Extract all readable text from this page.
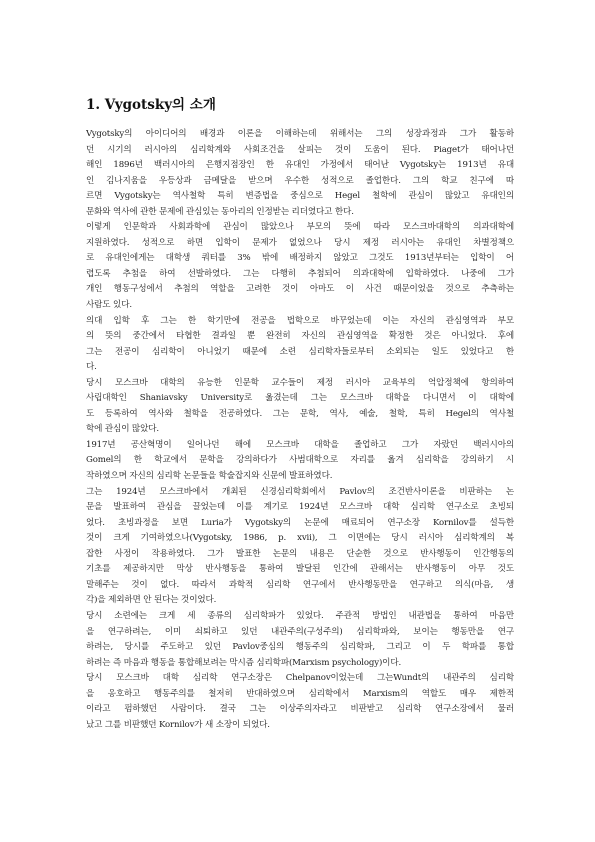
1. Vygotsky의 소개

Vygotsky의 아이디어의 배경과 이론을 이해하는데 위해서는 그의 성장과정과 그가 활동하
던 시기의 러시아의 심리학계와 사회조건을 살피는 것이 도움이 된다. Piaget가 태어나던
해인 1896년 백러시아의 은행지점장인 한 유대인 가정에서 태어난 Vygotsky는 1913년 유대
인 김나지움을 우등상과 금메달을 받으며 우수한 성적으로 졸업한다. 그의 학교 친구에 따
르면 Vygotsky는 역사철학 특히 변증법을 중심으로 Hegel 철학에 관심이 많았고 유대인의
문화와 역사에 관한 문제에 관심있는 동아리의 인정받는 리더였다고 한다.

이렇게 인문학과 사회과학에 관심이 많았으나 부모의 뜻에 따라 모스크바대학의 의과대학에
지원하였다. 성적으로 하면 입학이 문제가 없었으나 당시 제정 러시아는 유대인 차별정책으
로 유대인에게는 대학생 쿼터를 3% 밖에 배정하지 않았고 그것도 1913년부터는 입학이 어
렵도록 추첨을 하여 선발하였다. 그는 다행히 추첨되어 의과대학에 입학하였다. 나중에 그가
개인 행동구성에서 추첨의 역할을 고려한 것이 아마도 이 사건 때문이었을 것으로 추측하는
사람도 있다.

의대 입학 후 그는 한 학기만에 전공을 법학으로 바꾸었는데 이는 자신의 관심영역과 부모
의 뜻의 중간에서 타협한 결과일 뿐 완전히 자신의 관심영역을 확정한 것은 아니었다. 후에
그는 전공이 심리학이 아니었기 때문에 소련 심리학자들로부터 소외되는 일도 있었다고 한
다.

당시 모스크바 대학의 유능한 인문학 교수들이 제정 러시아 교육부의 억압정책에 항의하여
사립대학인 Shaniavsky University로 옮겼는데 그는 모스크바 대학을 다니면서 이 대학에
도 등록하여 역사와 철학을 전공하였다. 그는 문학, 역사, 예술, 철학, 특히 Hegel의 역사철
학에 관심이 많았다.

1917년 공산혁명이 일어나던 해에 모스크바 대학을 졸업하고 그가 자랐던 백러시아의
Gomel의 한 학교에서 문학을 강의하다가 사범대학으로 자리를 옮겨 심리학을 강의하기 시
작하였으며 자신의 심리학 논문들을 학술잡지와 신문에 발표하였다.

그는 1924년 모스크바에서 개최된 신경심리학회에서 Pavlov의 조건반사이론을 비판하는 논
문을 발표하여 관심을 끌었는데 이를 계기로 1924년 모스크바 대학 심리학 연구소로 초빙되
었다. 초빙과정을 보면 Luria가 Vygotsky의 논문에 매료되어 연구소장 Kornilov를 설득한
것이 크게 기여하였으나(Vygotsky, 1986, p. xvii), 그 이면에는 당시 러시아 심리학계의 복
잡한 사정이 작용하였다. 그가 발표한 논문의 내용은 단순한 것으로 반사행동이 인간행동의
기초를 제공하지만 막상 반사행동을 통하여 발달된 인간에 관해서는 반사행동이 아무 것도
말해주는 것이 없다. 따라서 과학적 심리학 연구에서 반사행동만을 연구하고 의식(마음, 생
각)을 제외하면 안 된다는 것이었다.

당시 소련에는 크게 세 종류의 심리학파가 있었다. 주관적 방법인 내관법을 통하여 마음만
을 연구하려는, 이미 쇠퇴하고 있던 내관주의(구성주의) 심리학파와, 보이는 행동만을 연구
하려는, 당시를 주도하고 있던 Pavlov중심의 행동주의 심리학파, 그리고 이 두 학파를 통합
하려는 즉 마음과 행동을 통합해보려는 막시즘 심리학파(Marxism psychology)이다.

당시 모스크바 대학 심리학 연구소장은 Chelpanov이었는데 그는Wundt의 내관주의 심리학
을 옹호하고 행동주의를 철저히 반대하였으며 심리학에서 Marxism의 역할도 매우 제한적
이라고 펌하했던 사람이다. 결국 그는 이상주의자라고 비판받고 심리학 연구소장에서 물러
났고 그를 비판했던 Kornilov가 새 소장이 되었다.
